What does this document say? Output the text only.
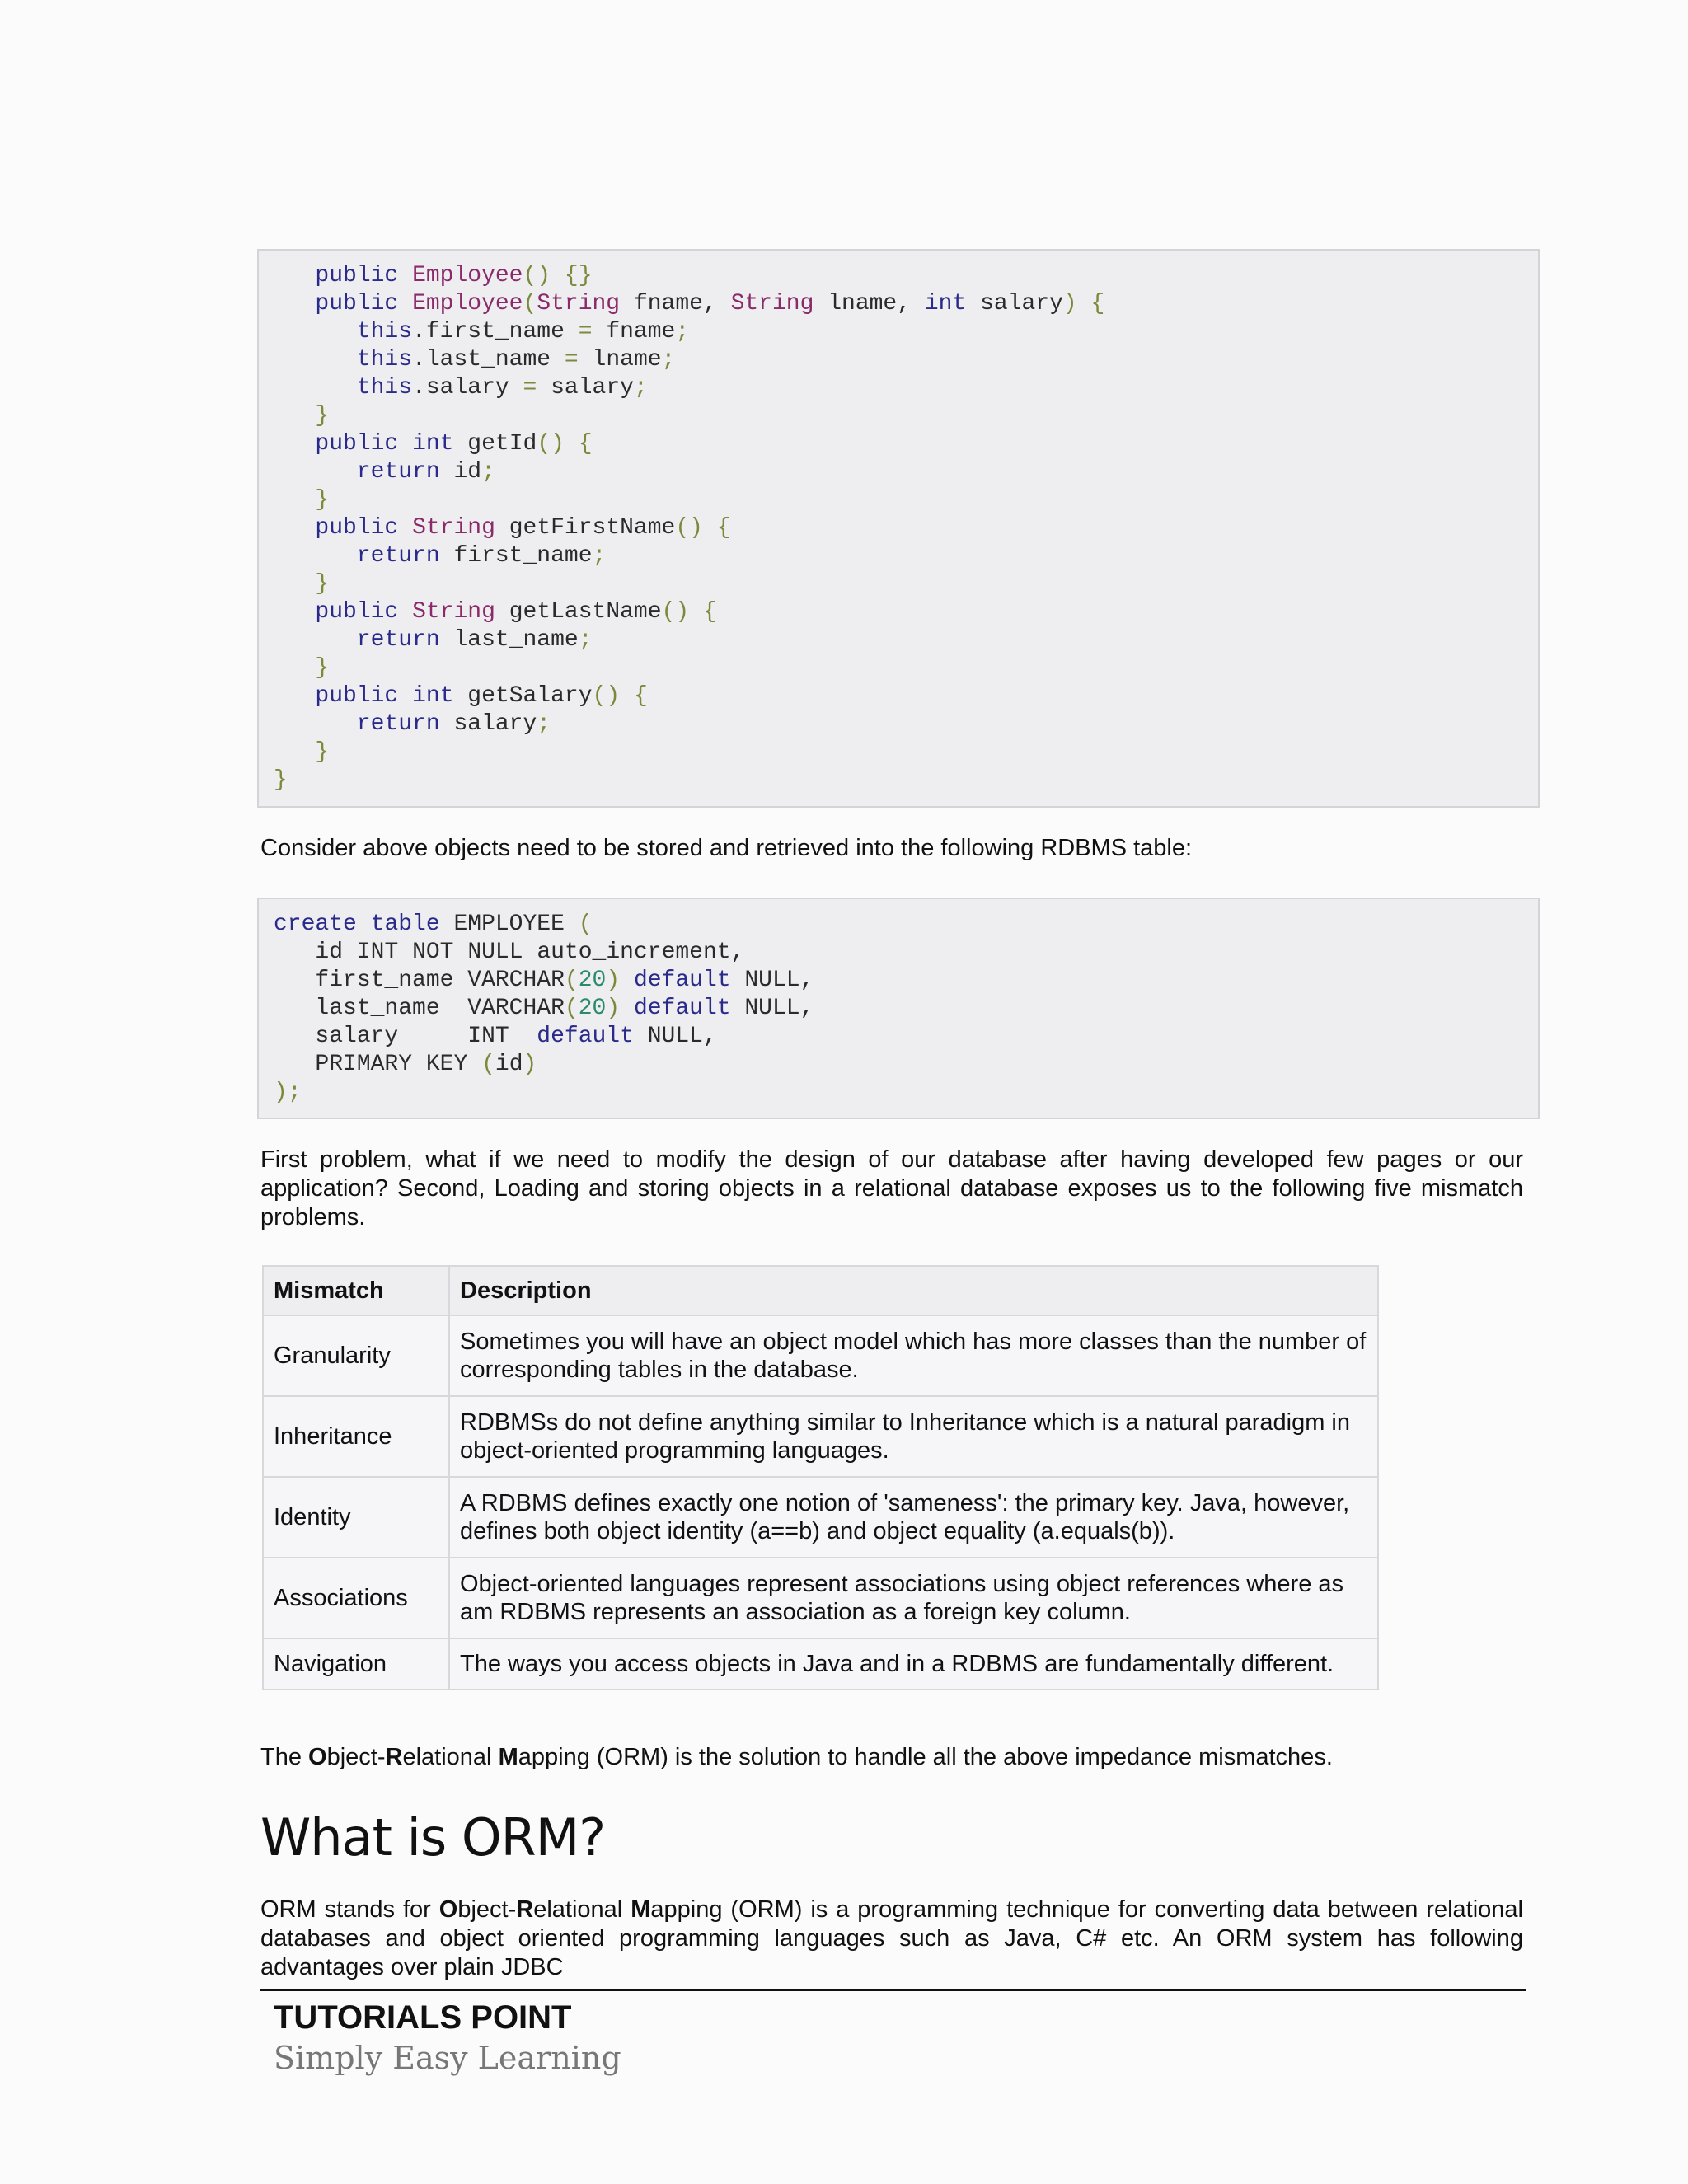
public Employee() {}
public Employee(String fname, String lname, int salary) {
this.first_name = fname;
this.last_name = lname;
this.salary = salary;
}
public int getId() {
return id;
}
public String getFirstName() {
return first_name;
}
public String getLastName() {
return last_name;
}
public int getSalary() {
return salary;
}
}
Consider above objects need to be stored and retrieved into the following RDBMS table:
create table EMPLOYEE (
id INT NOT NULL auto_increment,
first_name VARCHAR(20) default NULL,
last_name VARCHAR(20) default NULL,
salary	INT default NULL,
PRIMARY KEY (id)
);
First problem, what if we need to modify the design of our database after having developed few pages or our application? Second, Loading and storing objects in a relational database exposes us to the following five mismatch problems.
Mismatch	Description
Granularity	Sometimes you will have an object model which has more classes than the number of corresponding tables in the database.
Inheritance	RDBMSs do not define anything similar to Inheritance which is a natural paradigm in object-oriented programming languages.
Identity	A RDBMS defines exactly one notion of 'sameness': the primary key. Java, however, defines both object identity (a==b) and object equality (a.equals(b)).
Associations	Object-oriented languages represent associations using object references where as am RDBMS represents an association as a foreign key column.
Navigation	The ways you access objects in Java and in a RDBMS are fundamentally different.
The Object-Relational Mapping (ORM) is the solution to handle all the above impedance mismatches.
What is ORM?
ORM stands for Object-Relational Mapping (ORM) is a programming technique for converting data between relational databases and object oriented programming languages such as Java, C# etc. An ORM system has following advantages over plain JDBC
TUTORIALS POINT
Simply Easy Learning
